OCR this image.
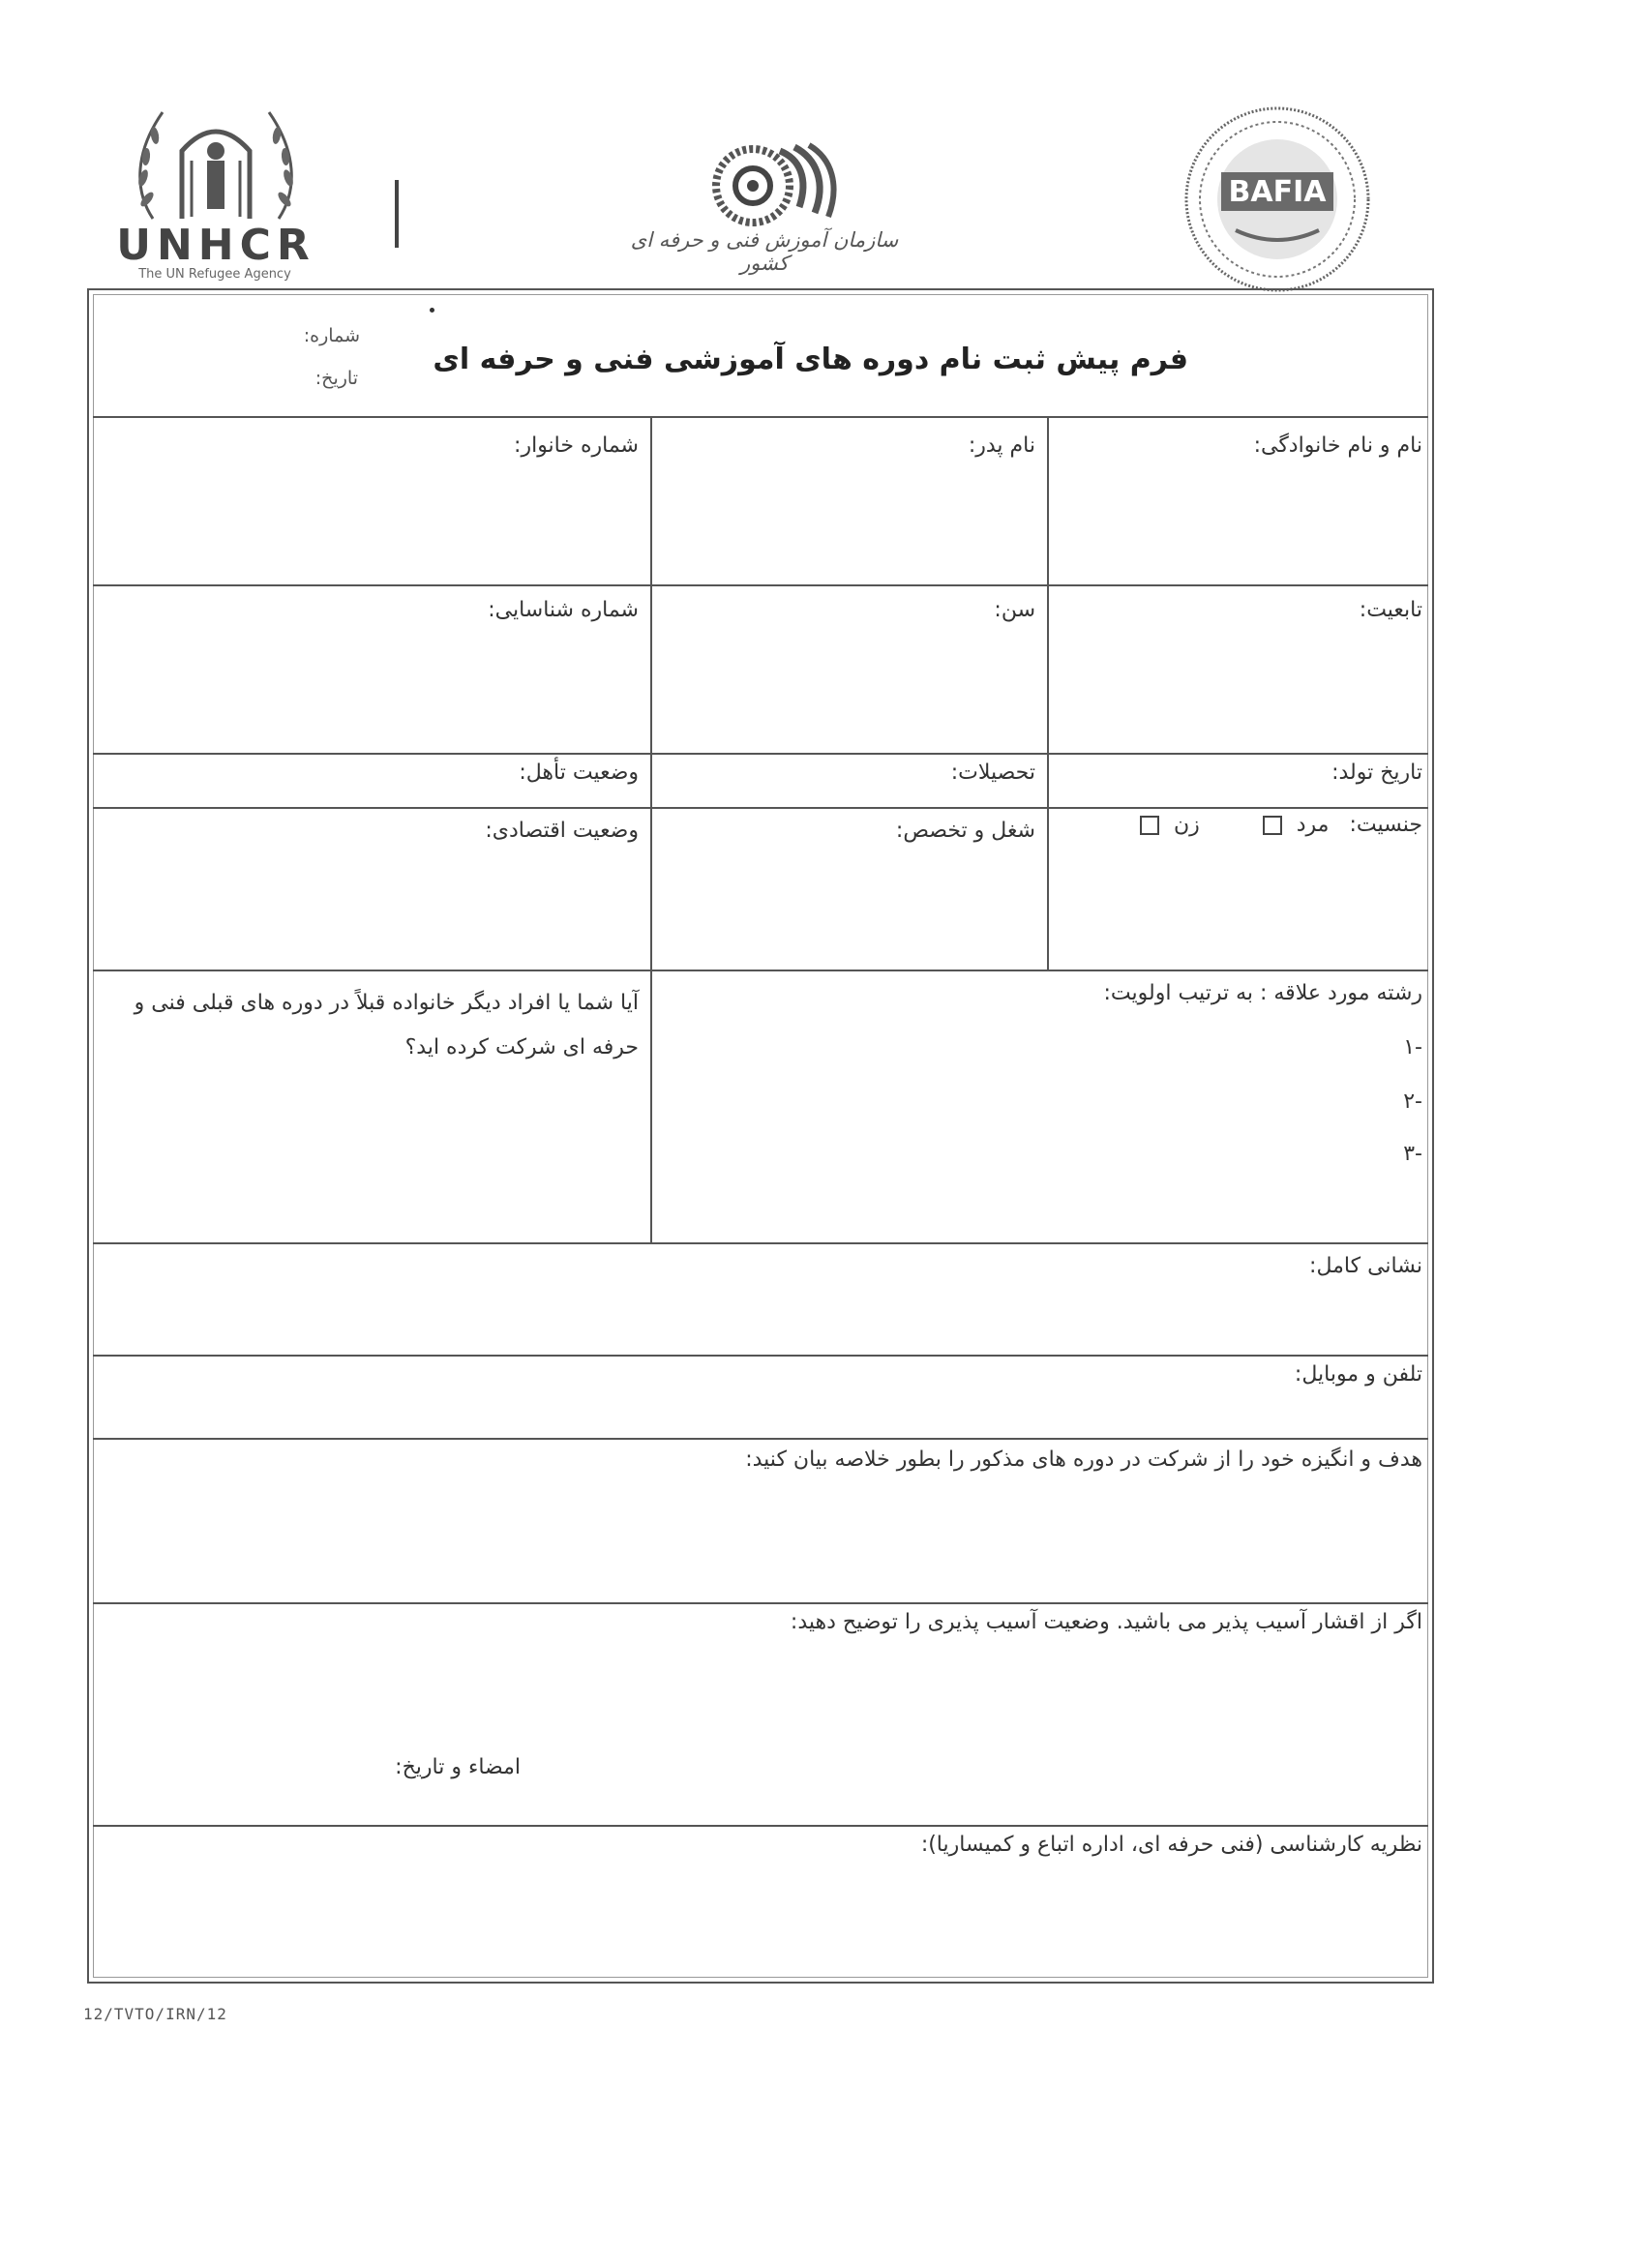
UNHCR
The UN Refugee Agency
سازمان آموزش فنی و حرفه ای کشور
BAFIA
فرم پیش ثبت نام دوره های آموزشی فنی و حرفه ای
شماره:
تاریخ:
نام و نام خانوادگی:
نام پدر:
شماره خانوار:
تابعیت:
سن:
شماره شناسایی:
تاریخ تولد:
تحصیلات:
وضعیت تأهل:
جنسیت: مرد  زن
شغل و تخصص:
وضعیت اقتصادی:
رشته مورد علاقه : به ترتیب اولویت:
-۱
-۲
-۳
آیا شما یا افراد دیگر خانواده قبلاً در دوره های قبلی فنی و حرفه ای شرکت کرده اید؟
نشانی کامل:
تلفن و موبایل:
هدف و انگیزه خود را از شرکت در دوره های مذکور را بطور خلاصه بیان کنید:
اگر از اقشار آسیب پذیر می باشید. وضعیت آسیب پذیری را توضیح دهید:
امضاء و تاریخ:
نظریه کارشناسی (فنی حرفه ای، اداره اتباع و کمیساریا):
12/TVTO/IRN/12
